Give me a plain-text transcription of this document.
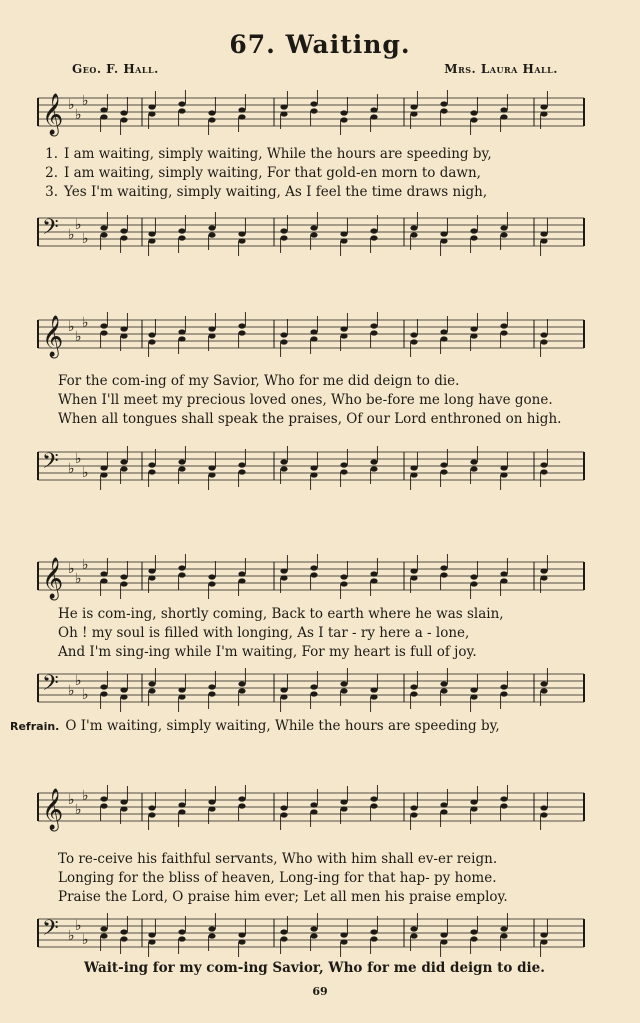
67. Waiting.
Geo. F. Hall.	Mrs. Laura Hall.
𝄞 ♭
♭
♭
1. I am waiting, simply waiting, While the hours are speeding by,
2. I am waiting, simply waiting, For that gold-en morn to dawn,
3. Yes I'm waiting, simply waiting, As I feel the time draws nigh,
𝄢 ♭
♭
♭
𝄞 ♭
♭
♭
For the com-ing of my Savior, Who for me did deign to die.
When I'll meet my precious loved ones, Who be-fore me long have gone.
When all tongues shall speak the praises, Of our Lord enthroned on high.
𝄢 ♭
♭
♭
𝄞 ♭
♭
♭
He is com-ing, shortly coming, Back to earth where he was slain,
Oh ! my soul is filled with longing, As I tar - ry here a - lone,
And I'm sing-ing while I'm waiting, For my heart is full of joy.
𝄢 ♭
♭
♭
Refrain. O I'm waiting, simply waiting, While the hours are speeding by,
𝄞 ♭
♭
♭
To re-ceive his faithful servants, Who with him shall ev-er reign.
Longing for the bliss of heaven, Long-ing for that hap- py home.
Praise the Lord, O praise him ever; Let all men his praise employ.
𝄢 ♭
♭
♭
Wait-ing for my com-ing Savior, Who for me did deign to die.
69
